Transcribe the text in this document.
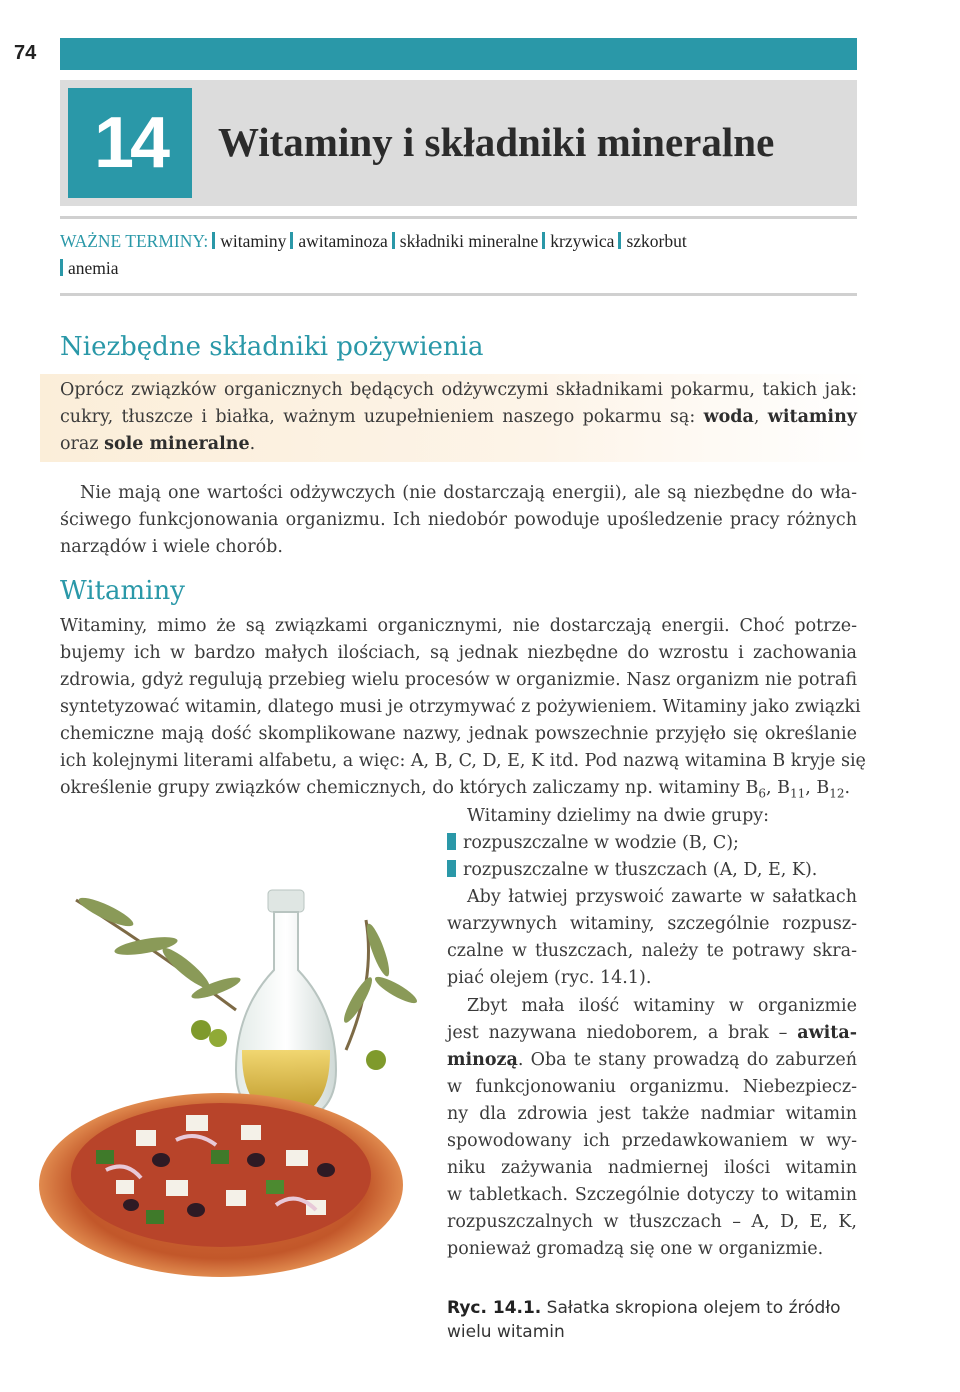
74
14	Witaminy i składniki mineralne
WAŻNE TERMINY: witaminy awitaminoza składniki mineralne krzywica szkorbut
anemia
Niezbędne składniki pożywienia
Oprócz związków organicznych będących odżywczymi składnikami pokarmu, takich jak:
cukry, tłuszcze i białka, ważnym uzupełnieniem naszego pokarmu są: woda, witaminy
oraz sole mineralne.
Nie mają one wartości odżywczych (nie dostarczają energii), ale są niezbędne do wła-
ściwego funkcjonowania organizmu. Ich niedobór powoduje upośledzenie pracy różnych
narządów i wiele chorób.
Witaminy
Witaminy, mimo że są związkami organicznymi, nie dostarczają energii. Choć potrze-
bujemy ich w bardzo małych ilościach, są jednak niezbędne do wzrostu i zachowania
zdrowia, gdyż regulują przebieg wielu procesów w organizmie. Nasz organizm nie potrafi
syntetyzować witamin, dlatego musi je otrzymywać z pożywieniem. Witaminy jako związki
chemiczne mają dość skomplikowane nazwy, jednak powszechnie przyjęło się określanie
ich kolejnymi literami alfabetu, a więc: A, B, C, D, E, K itd. Pod nazwą witamina B kryje się
określenie grupy związków chemicznych, do których zaliczamy np. witaminy $B_6$, $B_{11}$, $B_{12}$.
Witaminy dzielimy na dwie grupy:
rozpuszczalne w wodzie (B, C);
rozpuszczalne w tłuszczach (A, D, E, K).
Aby łatwiej przyswoić zawarte w sałatkach
warzywnych witaminy, szczególnie rozpusz-
czalne w tłuszczach, należy te potrawy skra-
piać olejem (ryc. 14.1).
Zbyt mała ilość witaminy w organizmie
jest nazywana niedoborem, a brak – awita-
minozą. Oba te stany prowadzą do zaburzeń
w funkcjonowaniu organizmu. Niebezpiecz-
ny dla zdrowia jest także nadmiar witamin
spowodowany ich przedawkowaniem w wy-
niku zażywania nadmiernej ilości witamin
w tabletkach. Szczególnie dotyczy to witamin
rozpuszczalnych w tłuszczach – A, D, E, K,
ponieważ gromadzą się one w organizmie.
Ryc. 14.1. Sałatka skropiona olejem to źródło
wielu witamin
